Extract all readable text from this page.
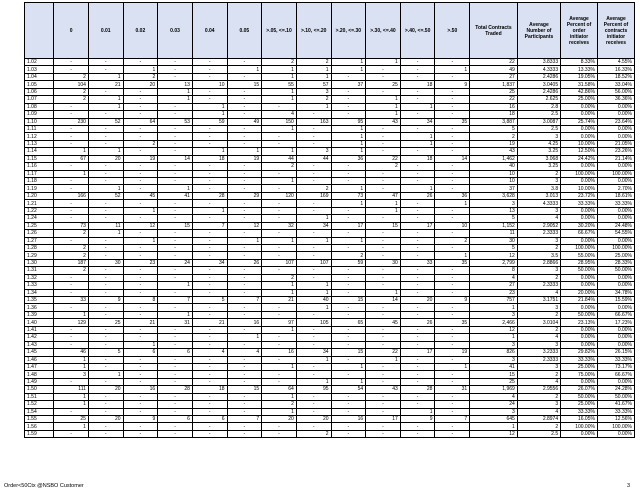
	0	0.01	0.02	0.03	0.04	0.05	>.05, <=.10	>.10, <=.20	>.20, <=.30	>.30, <=.40	>.40, <=.50	>.50	Total Contracts Traded	Average Number of Participants	Average Percent of order initiator receives	Average Percent of contracts initiator receives
1.02	-	-	-	-	-	-	2	2	1	1	-	-	22	3.8333	8.33%	4.55%
1.03	-	-	1	-	-	1	1	1	1	-	-	1	49	4.3333	13.33%	16.33%
1.04	2	1	2	-	-	-	1	1	-	-	-	-	27	2.4286	19.05%	18.52%
1.05	104	21	20	13	10	15	55	57	37	25	18	9	1,837	3.0405	31.58%	33.04%
1.06	2	-	-	1	-	-	1	3	-	-	-	-	25	2.4286	42.86%	56.00%
1.07	2	1	-	1	-	-	1	2	-	1	-	-	22	2.625	25.00%	36.36%
1.08	-	1	-	-	1	-	-	1	-	1	1	-	16	2.8	0.00%	0.00%
1.09	-	-	-	-	1	-	4	-	-	1	-	-	18	2.5	0.00%	0.00%
1.10	230	52	64	53	59	49	150	163	95	43	34	35	3,887	3.0087	25.74%	23.64%
1.11	-	-	-	-	-	-	1	-	1	-	-	-	5	2.5	0.00%	0.00%
1.12	-	-	-	-	-	-	-	-	1	-	1	-	2	3	0.00%	0.00%
1.13	-	-	2	-	-	-	-	-	1	-	1	-	19	4.25	10.00%	21.05%
1.14	1	1	-	-	1	1	1	3	1	-	-	-	43	3.25	12.50%	23.26%
1.15	67	20	19	14	18	19	44	44	36	22	18	14	1,462	3.068	24.42%	21.14%
1.16	-	-	-	-	-	-	2	-	-	2	-	-	40	3.25	0.00%	0.00%
1.17	1	-	-	-	-	-	-	-	-	-	-	-	10	2	100.00%	100.00%
1.18	-	-	-	-	-	-	1	-	-	-	-	-	10	3	0.00%	0.00%
1.19	-	1	-	1	-	-	-	2	1	-	1	-	37	3.8	10.00%	2.70%
1.20	166	52	45	41	28	29	120	169	73	47	26	36	3,628	3.013	23.72%	18.61%
1.21	-	-	-	-	-	-	-	-	1	1	-	1	3	4.3333	33.33%	33.33%
1.22	-	-	1	-	1	-	-	-	-	1	-	-	13	3	0.00%	0.00%
1.24	-	-	-	-	-	-	-	1	-	-	-	-	5	4	0.00%	0.00%
1.25	73	11	12	15	7	12	32	34	17	15	17	10	1,152	2.9052	30.20%	24.48%
1.26	2	1	-	-	-	-	-	-	-	-	-	-	11	2.3333	66.67%	54.55%
1.27	-	-	1	-	-	1	1	1	1	-	-	2	30	3	0.00%	0.00%
1.28	2	-	-	-	-	-	-	-	-	-	-	-	5	2	100.00%	100.00%
1.29	2	-	-	-	-	-	-	-	2	-	-	1	12	3.5	55.00%	25.00%
1.30	187	30	23	24	34	26	107	107	59	30	33	35	2,799	2.8866	28.95%	28.33%
1.31	2	-	-	-	-	-	-	-	-	-	-	-	8	3	50.00%	50.00%
1.32	-	-	-	-	-	-	2	-	-	-	-	-	4	2	0.00%	0.00%
1.33	-	-	-	1	-	-	1	1	-	-	-	-	27	2.3333	0.00%	0.00%
1.34	-	-	-	-	-	-	1	1	-	1	-	-	23	4	20.00%	34.78%
1.35	33	9	8	7	5	7	21	40	15	14	20	9	757	3.1751	21.84%	15.59%
1.36	-	-	-	-	-	-	-	1	-	-	-	-	1	3	0.00%	0.00%
1.39	1	-	-	1	-	-	-	-	-	-	-	-	3	2	50.00%	66.67%
1.40	129	25	21	31	21	16	97	105	65	45	26	35	2,466	3.0104	23.13%	17.23%
1.41	-	-	-	-	-	-	1	-	-	-	-	-	12	2	0.00%	0.00%
1.42	-	-	-	-	-	1	-	-	-	-	-	-	1	4	0.00%	0.00%
1.43	-	-	1	-	-	-	-	-	-	-	-	-	3	3	0.00%	0.00%
1.45	46	5	6	6	4	4	16	34	15	22	17	19	826	3.2333	29.82%	26.15%
1.46	1	-	-	-	-	-	-	1	-	1	-	-	3	2.3333	33.33%	33.33%
1.47	1	-	-	-	-	-	1	-	1	-	-	1	41	3	25.00%	73.17%
1.48	3	1	-	-	-	-	-	-	-	-	-	-	15	2	75.00%	66.67%
1.49	-	-	-	-	-	-	-	1	1	-	-	-	25	4	0.00%	0.00%
1.50	111	20	16	28	18	15	64	95	54	43	28	31	1,969	2.9556	26.07%	24.28%
1.51	1	-	-	-	-	-	1	-	-	-	-	-	4	2	50.00%	50.00%
1.52	1	-	-	-	-	-	2	-	-	-	-	-	24	3	25.00%	41.67%
1.54	-	-	-	-	-	-	1	-	-	-	1	-	3	4	33.33%	33.33%
1.55	25	20	9	6	6	7	20	20	16	17	9	7	645	2.8974	16.05%	12.56%
1.56	1	-	-	-	-	-	-	-	-	-	-	-	1	2	100.00%	100.00%
1.59	-	-	-	-	-	-	-	2	-	-	-	-	12	2.5	0.00%	0.00%
Order<50Ctx @NSBO Customer	3
